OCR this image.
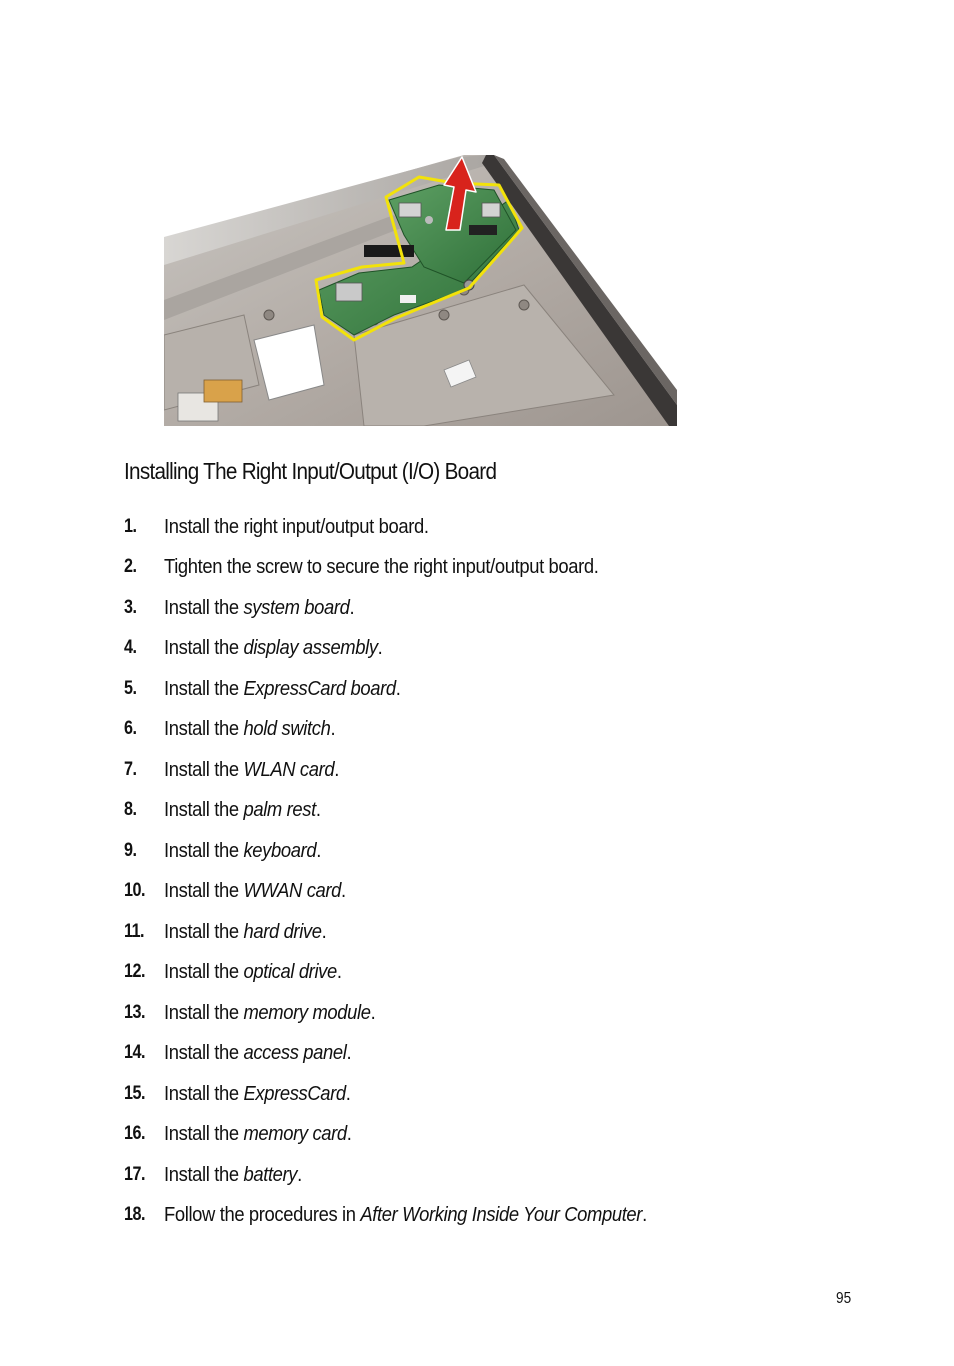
Installing The Right Input/Output (I/O) Board
1. Install the right input/output board.
2. Tighten the screw to secure the right input/output board.
3. Install the system board.
4. Install the display assembly.
5. Install the ExpressCard board.
6. Install the hold switch.
7. Install the WLAN card.
8. Install the palm rest.
9. Install the keyboard.
10. Install the WWAN card.
11. Install the hard drive.
12. Install the optical drive.
13. Install the memory module.
14. Install the access panel.
15. Install the ExpressCard.
16. Install the memory card.
17. Install the battery.
18. Follow the procedures in After Working Inside Your Computer.
95
